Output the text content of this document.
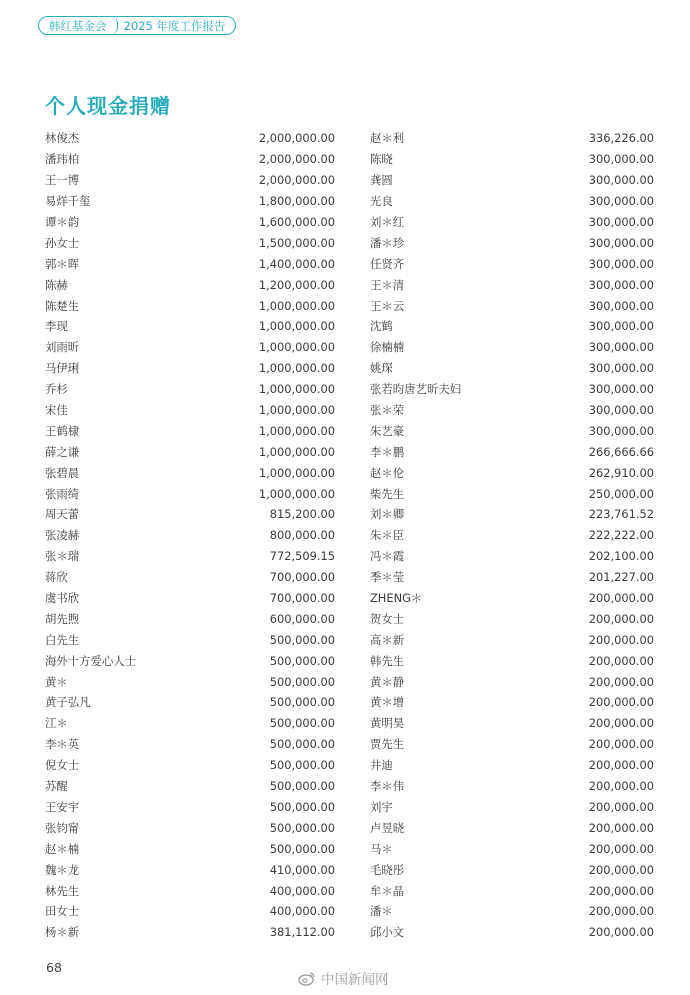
韩红基金会 2025 年度工作报告
个人现金捐赠
林俊杰	2,000,000.00
潘玮柏	2,000,000.00
王一博	2,000,000.00
易烊千玺	1,800,000.00
谭＊韵	1,600,000.00
孙女士	1,500,000.00
郭＊晖	1,400,000.00
陈赫	1,200,000.00
陈楚生	1,000,000.00
李现	1,000,000.00
刘雨昕	1,000,000.00
马伊琍	1,000,000.00
乔杉	1,000,000.00
宋佳	1,000,000.00
王鹤棣	1,000,000.00
薛之谦	1,000,000.00
张碧晨	1,000,000.00
张雨绮	1,000,000.00
周天蕾	815,200.00
张凌赫	800,000.00
张＊瑞	772,509.15
蒋欣	700,000.00
虞书欣	700,000.00
胡先煦	600,000.00
白先生	500,000.00
海外十方爱心人士	500,000.00
黄＊	500,000.00
黄子弘凡	500,000.00
江＊	500,000.00
李＊英	500,000.00
倪女士	500,000.00
苏醒	500,000.00
王安宇	500,000.00
张钧甯	500,000.00
赵＊楠	500,000.00
魏＊龙	410,000.00
林先生	400,000.00
田女士	400,000.00
杨＊新	381,112.00
赵＊利	336,226.00
陈晓	300,000.00
龚圆	300,000.00
光良	300,000.00
刘＊红	300,000.00
潘＊珍	300,000.00
任贤齐	300,000.00
王＊清	300,000.00
王＊云	300,000.00
沈鹤	300,000.00
徐楠楠	300,000.00
姚琛	300,000.00
张若昀唐艺昕夫妇	300,000.00
张＊荣	300,000.00
朱艺豪	300,000.00
李＊鹏	266,666.66
赵＊伦	262,910.00
柴先生	250,000.00
刘＊卿	223,761.52
朱＊臣	222,222.00
冯＊霞	202,100.00
季＊莹	201,227.00
ZHENG＊	200,000.00
贺女士	200,000.00
高＊新	200,000.00
韩先生	200,000.00
黄＊静	200,000.00
黄＊增	200,000.00
黄明昊	200,000.00
贾先生	200,000.00
井迪	200,000.00
李＊伟	200,000.00
刘宇	200,000.00
卢昱晓	200,000.00
马＊	200,000.00
毛晓彤	200,000.00
牟＊晶	200,000.00
潘＊	200,000.00
邱小文	200,000.00
68
中国新闻网
